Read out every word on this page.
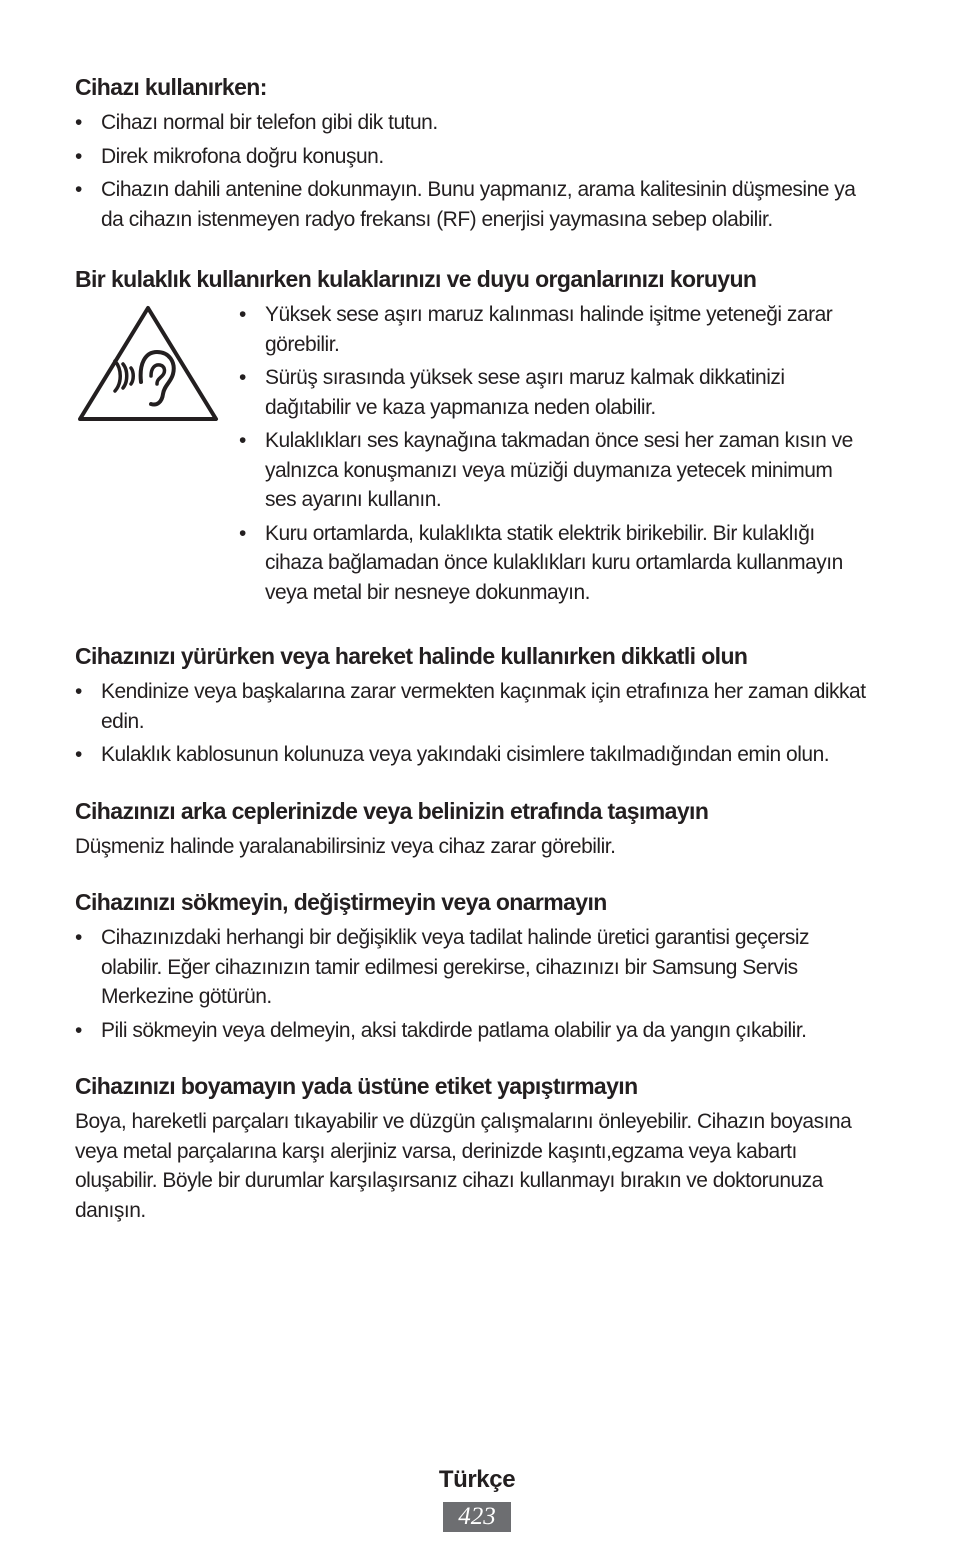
Cihazı kullanırken:
• Cihazı normal bir telefon gibi dik tutun.
• Direk mikrofona doğru konuşun.
• Cihazın dahili antenine dokunmayın. Bunu yapmanız, arama kalitesinin düşmesine ya da cihazın istenmeyen radyo frekansı (RF) enerjisi yaymasına sebep olabilir.
Bir kulaklık kullanırken kulaklarınızı ve duyu organlarınızı koruyun
• Yüksek sese aşırı maruz kalınması halinde işitme yeteneği zarar görebilir.
• Sürüş sırasında yüksek sese aşırı maruz kalmak dikkatinizi dağıtabilir ve kaza yapmanıza neden olabilir.
• Kulaklıkları ses kaynağına takmadan önce sesi her zaman kısın ve yalnızca konuşmanızı veya müziği duymanıza yetecek minimum ses ayarını kullanın.
• Kuru ortamlarda, kulaklıkta statik elektrik birikebilir. Bir kulaklığı cihaza bağlamadan önce kulaklıkları kuru ortamlarda kullanmayın veya metal bir nesneye dokunmayın.
Cihazınızı yürürken veya hareket halinde kullanırken dikkatli olun
• Kendinize veya başkalarına zarar vermekten kaçınmak için etrafınıza her zaman dikkat edin.
• Kulaklık kablosunun kolunuza veya yakındaki cisimlere takılmadığından emin olun.
Cihazınızı arka ceplerinizde veya belinizin etrafında taşımayın

Düşmeniz halinde yaralanabilirsiniz veya cihaz zarar görebilir.

Cihazınızı sökmeyin, değiştirmeyin veya onarmayın
• Cihazınızdaki herhangi bir değişiklik veya tadilat halinde üretici garantisi geçersiz olabilir. Eğer cihazınızın tamir edilmesi gerekirse, cihazınızı bir Samsung Servis Merkezine götürün.
• Pili sökmeyin veya delmeyin, aksi takdirde patlama olabilir ya da yangın çıkabilir.
Cihazınızı boyamayın yada üstüne etiket yapıştırmayın

Boya, hareketli parçaları tıkayabilir ve düzgün çalışmalarını önleyebilir. Cihazın boyasına veya metal parçalarına karşı alerjiniz varsa, derinizde kaşıntı,egzama veya kabartı oluşabilir. Böyle bir durumlar karşılaşırsanız cihazı kullanmayı bırakın ve doktorunuza danışın.

Türkçe
423
